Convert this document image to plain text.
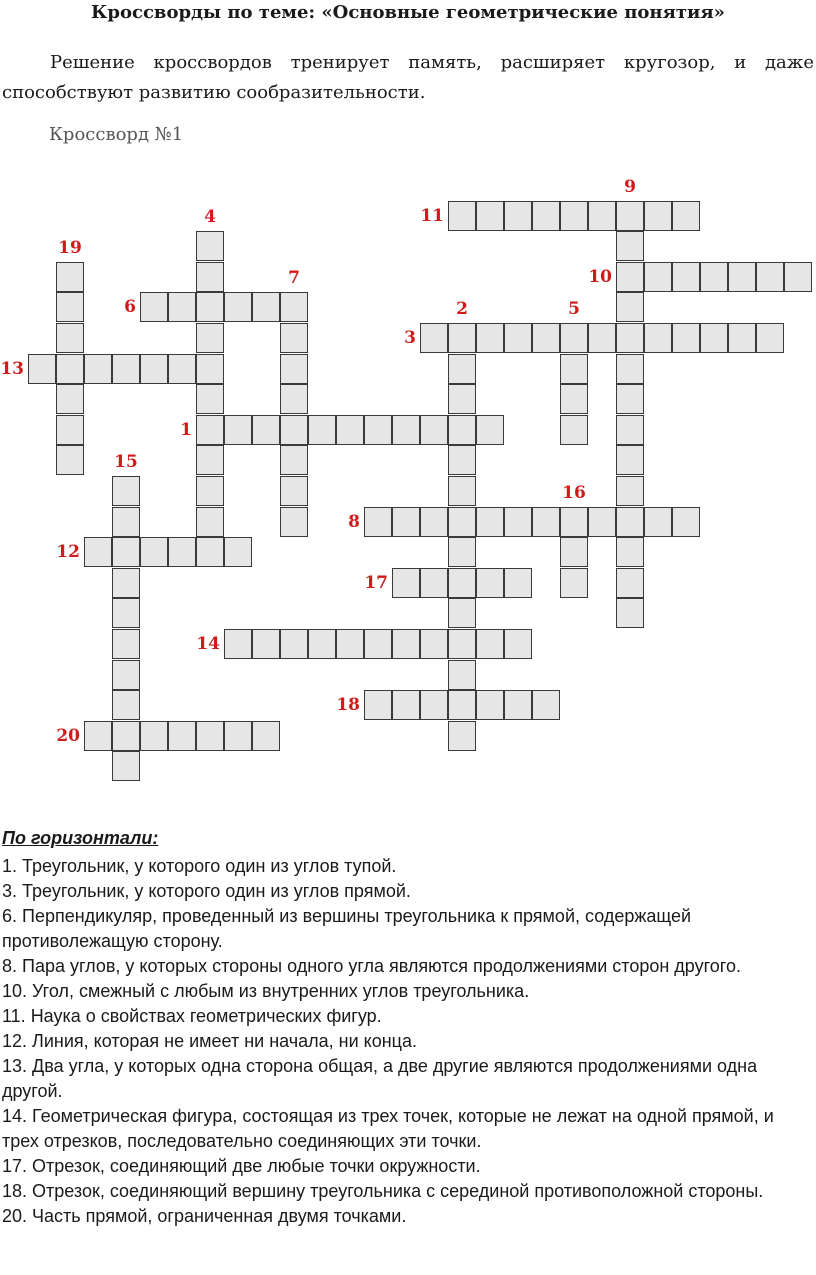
Кроссворды по теме: «Основные геометрические понятия»

Решение кроссвордов тренирует память, расширяет кругозор, и даже способствуют развитию сообразительности.

Кроссворд №1
1
2
3
4
5
6
7
8
9
10
11
12
13
14
15
16
17
18
19
20

По горизонтали:

1. Треугольник, у которого один из углов тупой.

3. Треугольник, у которого один из углов прямой.

6. Перпендикуляр, проведенный из вершины треугольника к прямой, содержащей противолежащую сторону.

8. Пара углов, у которых стороны одного угла являются продолжениями сторон другого.

10. Угол, смежный с любым из внутренних углов треугольника.

11. Наука о свойствах геометрических фигур.

12. Линия, которая не имеет ни начала, ни конца.

13. Два угла, у которых одна сторона общая, а две другие являются продолжениями одна другой.

14. Геометрическая фигура, состоящая из трех точек, которые не лежат на одной прямой, и трех отрезков, последовательно соединяющих эти точки.

17. Отрезок, соединяющий две любые точки окружности.

18. Отрезок, соединяющий вершину треугольника с серединой противоположной стороны.

20. Часть прямой, ограниченная двумя точками.
